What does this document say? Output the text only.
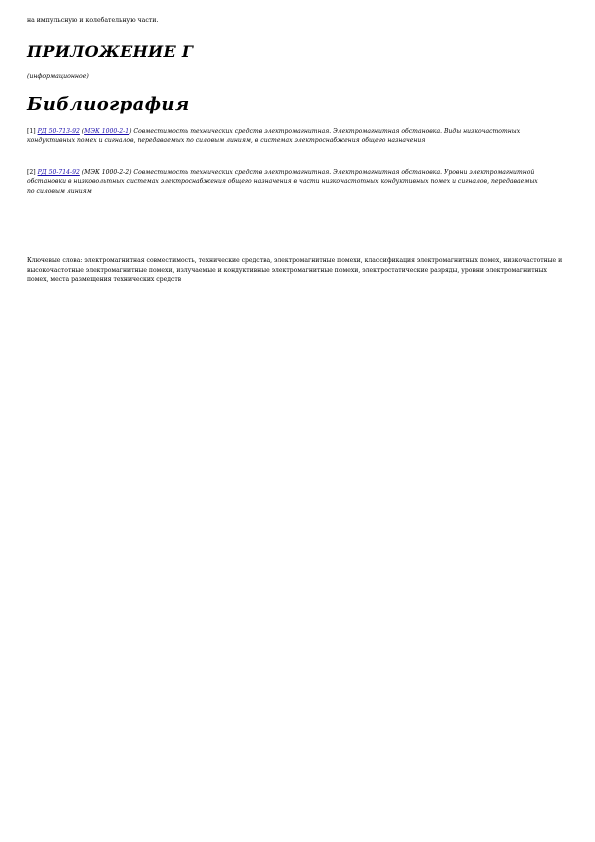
на импульсную и колебательную части.
ПРИЛОЖЕНИЕ Г
(информационное)
Библиография
[1] РД 50-713-92 (МЭК 1000-2-1) Совместимость технических средств электромагнитная. Электромагнитная обстановка. Виды низкочастотных кондуктивных помех и сигналов, передаваемых по силовым линиям, в системах электроснабжения общего назначения
[2] РД 50-714-92 (МЭК 1000-2-2) Совместимость технических средств электромагнитная. Электромагнитная обстановка. Уровни электромагнитной обстановки в низковольтных системах электроснабжения общего назначения в части низкочастотных кондуктивных помех и сигналов, передаваемых по силовым линиям
Ключевые слова: электромагнитная совместимость, технические средства, электромагнитные помехи, классификация электромагнитных помех, низкочастотные и высокочастотные электромагнитные помехи, излучаемые и кондуктивные электромагнитные помехи, электростатические разряды, уровни электромагнитных помех, места размещения технических средств
